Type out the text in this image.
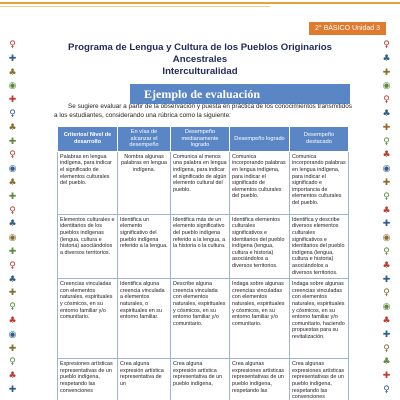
2° BÁSICO Unidad 3
♀
✚
♣
◉
✚
♀
♣
✚
♀
◉
♣
✚
♀
♣
◉
✚
♀
♣
✚
♀
♣
◉
✚
♀
♣
✚
♀
♣
✚
◉
♀
♣
✚
♀
♣
◉
✚
♀
♣
✚
◉
♀
♣
✚
♀
◉
♣
✚
♀
♣
✚
♀
Programa de Lengua y Cultura de los Pueblos Originarios Ancestrales
Interculturalidad
Ejemplo de evaluación
Se sugiere evaluar a partir de la observación y puesta en práctica de los conocimientos transmitidos a los estudiantes, considerando una rúbrica como la siguiente:
Criterios/ Nivel de desarrollo	En vías de alcanzar el desempeño	Desempeño medianamente logrado	Desempeño logrado	Desempeño destacado
Palabras en lengua indígena, para indicar el significado de elementos culturales del pueblo.	Nombra algunas palabras en lengua indígena.	Comunica al menos una palabra en lengua indígena, para indicar el significado de algún elemento cultural del pueblo.	Comunica incorporando palabras en lengua indígena, para indicar el significado de elementos culturales del pueblo.	Comunica incorporando palabras en lengua indígena, para indicar el significado e importancia de elementos culturales del pueblo.
Elementos culturales e identitarios de los pueblos indígenas (lengua, cultura e historia) asociándolos a diversos territorios.	Identifica un elemento significativo del pueblo indígena referido a la lengua.	Identifica más de un elemento significativo del pueblo indígena referido a la lengua, a la historia o la cultura.	Identifica elementos culturales significativos e identitarios del pueblo indígena (lengua, cultura e historia) asociándolos a diversos territorios.	Identifica y describe diversos elementos culturales significativos e identitarios del pueblo indígena (lengua, cultura e historia) asociándolos a diversos territorios.
Creencias vinculadas con elementos naturales, espirituales y cósmicos, en su entorno familiar y/o comunitario.	Identifica alguna creencia vinculada a elementos naturales, o espirituales en su entorno familiar.	Describe alguna creencia vinculada con elementos naturales, espirituales y cósmicos, en su entorno familiar y/o comunitario.	Indaga sobre algunas creencias vinculadas con elementos naturales, espirituales y cósmicos, en su entorno familiar y/o comunitario.	Indaga sobre algunas creencias vinculadas con elementos naturales, espirituales y cósmicos, en su entorno familiar y/o comunitario, haciendo propuestas para su revitalización.
Expresiones artísticas representativas de un pueblo indígena, respetando las convenciones	Crea alguna expresión artística representativa de un	Crea alguna expresión artística representativa de un pueblo indígena,	Crea algunas expresiones artísticas representativas de un pueblo indígena, respetando las	Crea algunas expresiones artísticas representativas de un pueblo indígena, respetando las convenciones
